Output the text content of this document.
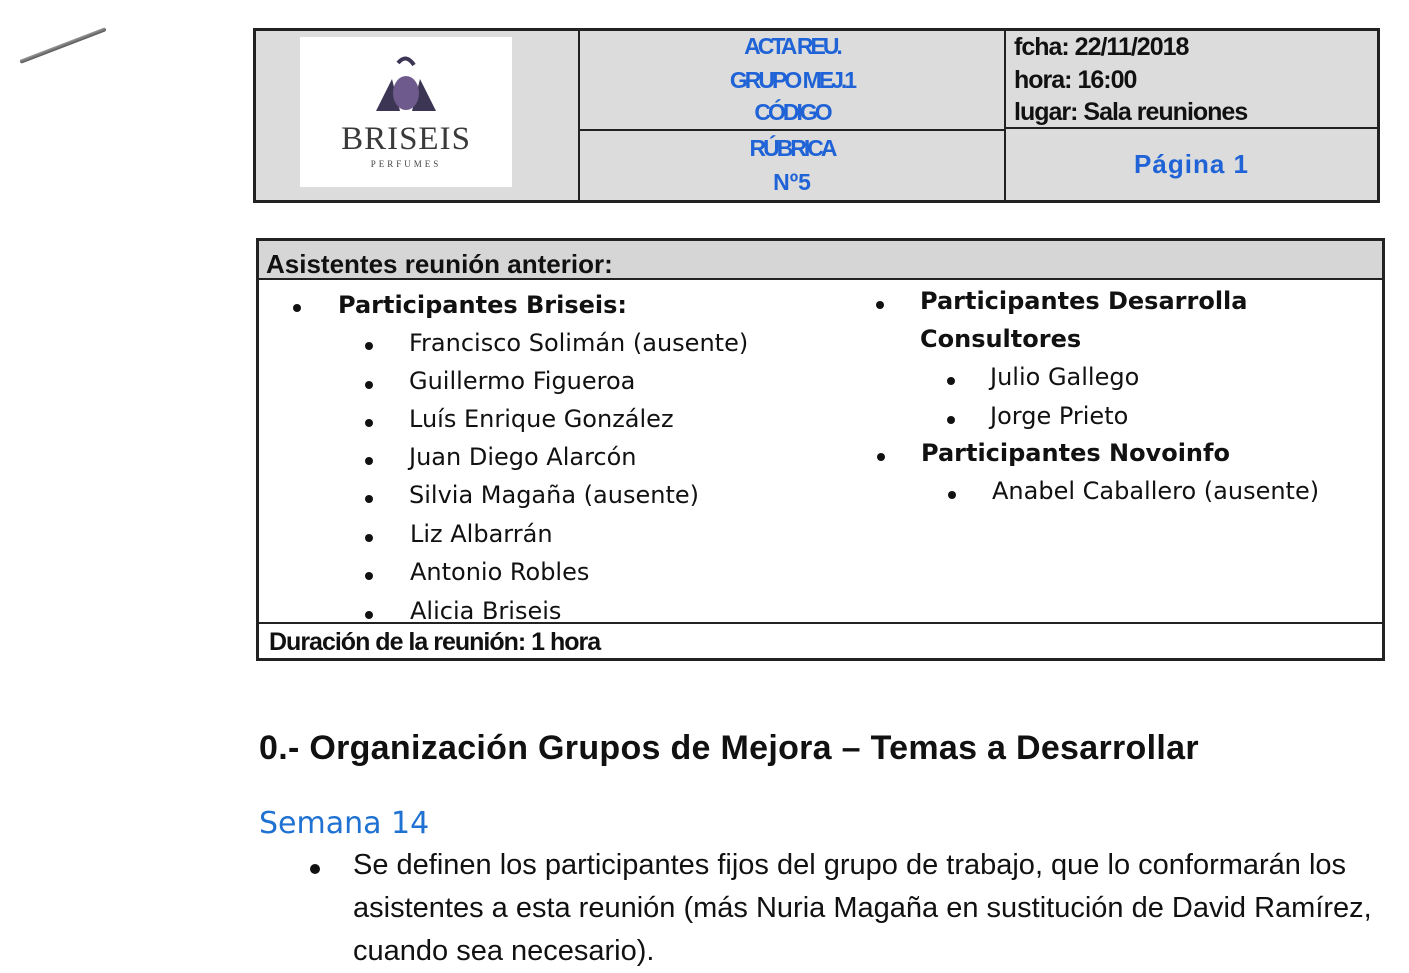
BRISEIS
PERFUMES
ACTA REU.
GRUPO MEJ.1
CÓDIGO
RÚBRICA
Nº5
fcha: 22/11/2018
hora: 16:00
lugar: Sala reuniones
Página 1
Asistentes reunión anterior:
Participantes Briseis:
Francisco Solimán (ausente)
Guillermo Figueroa
Luís Enrique González
Juan Diego Alarcón
Silvia Magaña (ausente)
Liz Albarrán
Antonio Robles
Alicia Briseis
Participantes Desarrolla
Consultores
Julio Gallego
Jorge Prieto
Participantes Novoinfo
Anabel Caballero (ausente)
Duración de la reunión: 1 hora
0.- Organización Grupos de Mejora – Temas a Desarrollar
Semana 14
Se definen los participantes fijos del grupo de trabajo, que lo conformarán los asistentes a esta reunión (más Nuria Magaña en sustitución de David Ramírez, cuando sea necesario).
